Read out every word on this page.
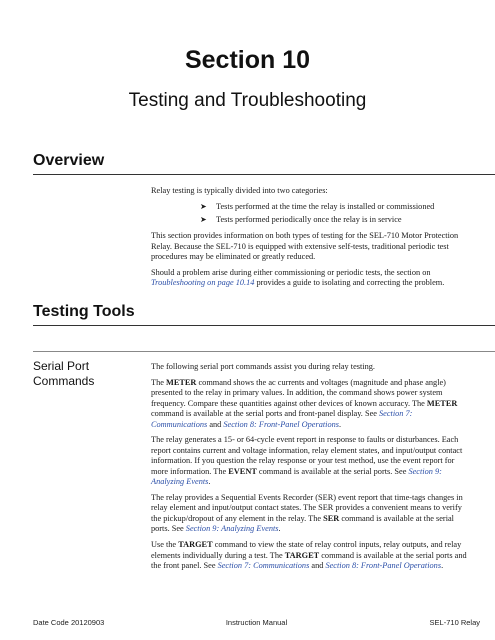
Section 10
Testing and Troubleshooting
Overview

Relay testing is typically divided into two categories:

➤ Tests performed at the time the relay is installed or commissioned
➤ Tests performed periodically once the relay is in service

This section provides information on both types of testing for the SEL-710 Motor Protection Relay. Because the SEL-710 is equipped with extensive self-tests, traditional periodic test procedures may be eliminated or greatly reduced.

Should a problem arise during either commissioning or periodic tests, the section on Troubleshooting on page 10.14 provides a guide to isolating and correcting the problem.

Testing Tools
Serial Port
Commands

The following serial port commands assist you during relay testing.

The METER command shows the ac currents and voltages (magnitude and phase angle) presented to the relay in primary values. In addition, the command shows power system frequency. Compare these quantities against other devices of known accuracy. The METER command is available at the serial ports and front-panel display. See Section 7: Communications and Section 8: Front-Panel Operations.

The relay generates a 15- or 64-cycle event report in response to faults or disturbances. Each report contains current and voltage information, relay element states, and input/output contact information. If you question the relay response or your test method, use the event report for more information. The EVENT command is available at the serial ports. See Section 9: Analyzing Events.

The relay provides a Sequential Events Recorder (SER) event report that time-tags changes in relay element and input/output contact states. The SER provides a convenient means to verify the pickup/dropout of any element in the relay. The SER command is available at the serial ports. See Section 9: Analyzing Events.

Use the TARGET command to view the state of relay control inputs, relay outputs, and relay elements individually during a test. The TARGET command is available at the serial ports and the front panel. See Section 7: Communications and Section 8: Front-Panel Operations.

Date Code 20120903	Instruction Manual	SEL-710 Relay
